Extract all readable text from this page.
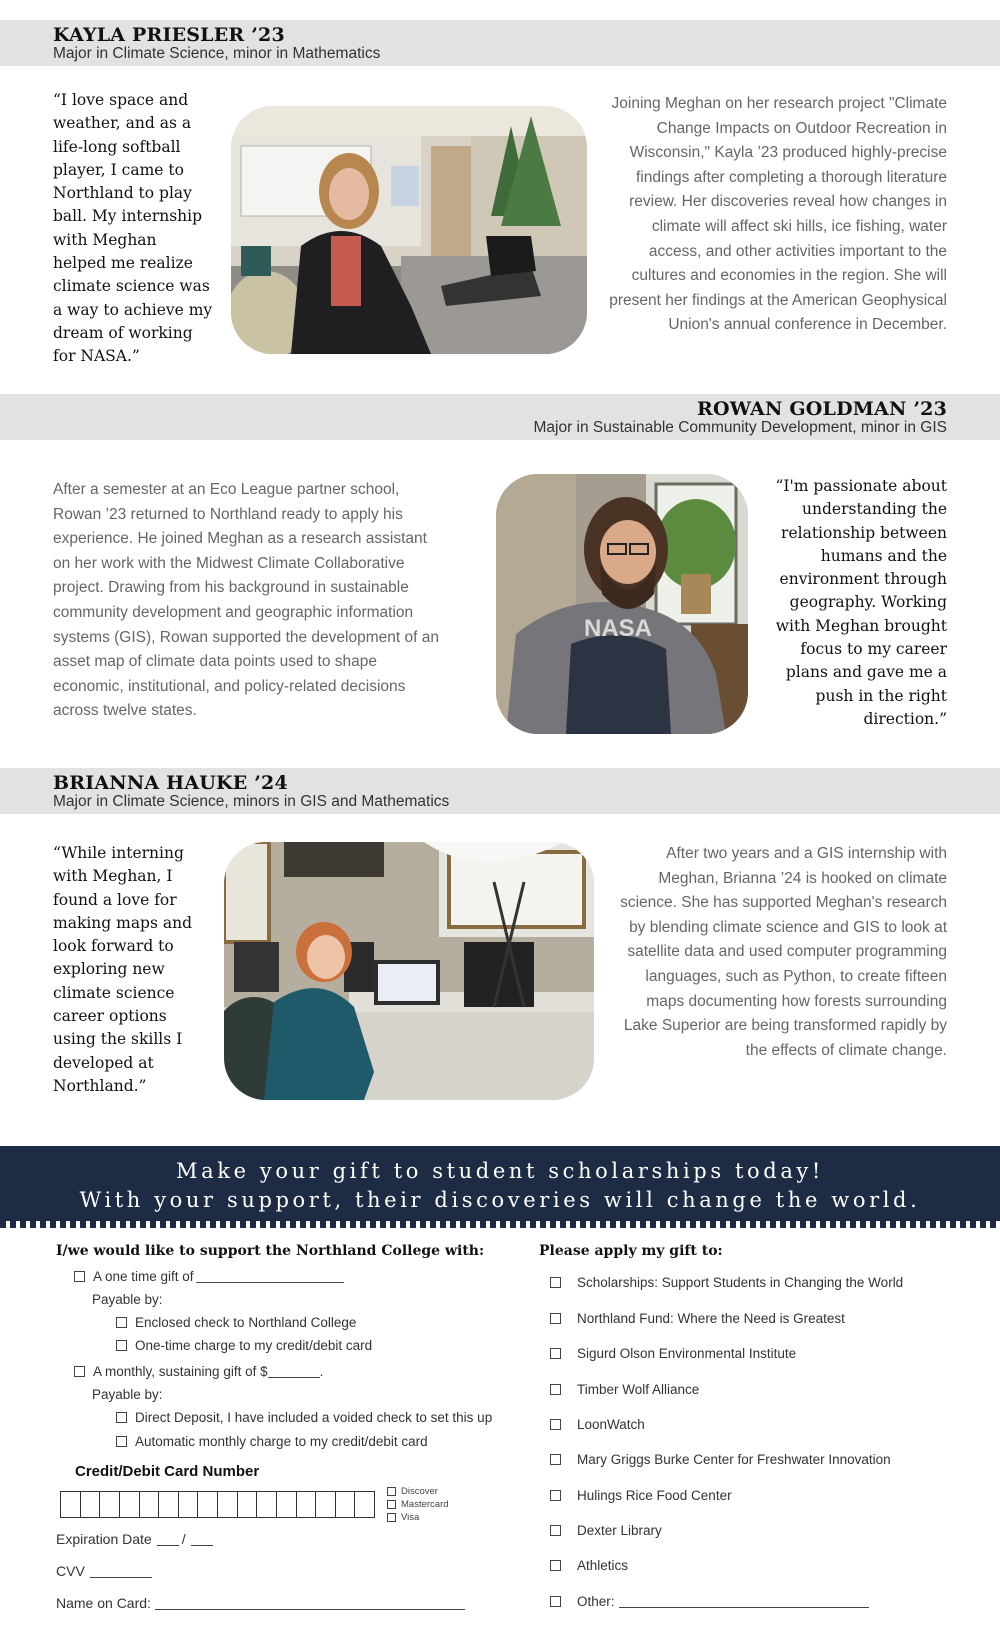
KAYLA PRIESLER ’23
Major in Climate Science, minor in Mathematics
“I love space and weather, and as a life-long softball player, I came to Northland to play ball. My internship with Meghan helped me realize climate science was a way to achieve my dream of working for NASA.”
Joining Meghan on her research project "Climate Change Impacts on Outdoor Recreation in Wisconsin," Kayla ’23 produced highly-precise findings after completing a thorough literature review. Her discoveries reveal how changes in climate will affect ski hills, ice fishing, water access, and other activities important to the cultures and economies in the region. She will present her findings at the American Geophysical Union's annual conference in December.
ROWAN GOLDMAN ’23
Major in Sustainable Community Development, minor in GIS
After a semester at an Eco League partner school, Rowan ’23 returned to Northland ready to apply his experience. He joined Meghan as a research assistant on her work with the Midwest Climate Collaborative project. Drawing from his background in sustainable community development and geographic information systems (GIS), Rowan supported the development of an asset map of climate data points used to shape economic, institutional, and policy-related decisions across twelve states.
NASA
“I'm passionate about understanding the relationship between humans and the environment through geography. Working with Meghan brought focus to my career plans and gave me a push in the right direction.”
BRIANNA HAUKE ’24
Major in Climate Science, minors in GIS and Mathematics
“While interning with Meghan, I found a love for making maps and look forward to exploring new climate science career options using the skills I developed at Northland.”
After two years and a GIS internship with Meghan, Brianna ’24 is hooked on climate science. She has supported Meghan's research by blending climate science and GIS to look at satellite data and used computer programming languages, such as Python, to create fifteen maps documenting how forests surrounding Lake Superior are being transformed rapidly by the effects of climate change.
Make your gift to student scholarships today!
With your support, their discoveries will change the world.
I/we would like to support the Northland College with:
A one time gift of
Payable by:
Enclosed check to Northland College
One-time charge to my credit/debit card
A monthly, sustaining gift of $	.
Payable by:
Direct Deposit, I have included a voided check to set this up
Automatic monthly charge to my credit/debit card
Credit/Debit Card Number
Discover
Mastercard
Visa
Expiration Date /
CVV
Name on Card:
Please apply my gift to:
Scholarships: Support Students in Changing the World
Northland Fund: Where the Need is Greatest
Sigurd Olson Environmental Institute
Timber Wolf Alliance
LoonWatch
Mary Griggs Burke Center for Freshwater Innovation
Hulings Rice Food Center
Dexter Library
Athletics
Other:
